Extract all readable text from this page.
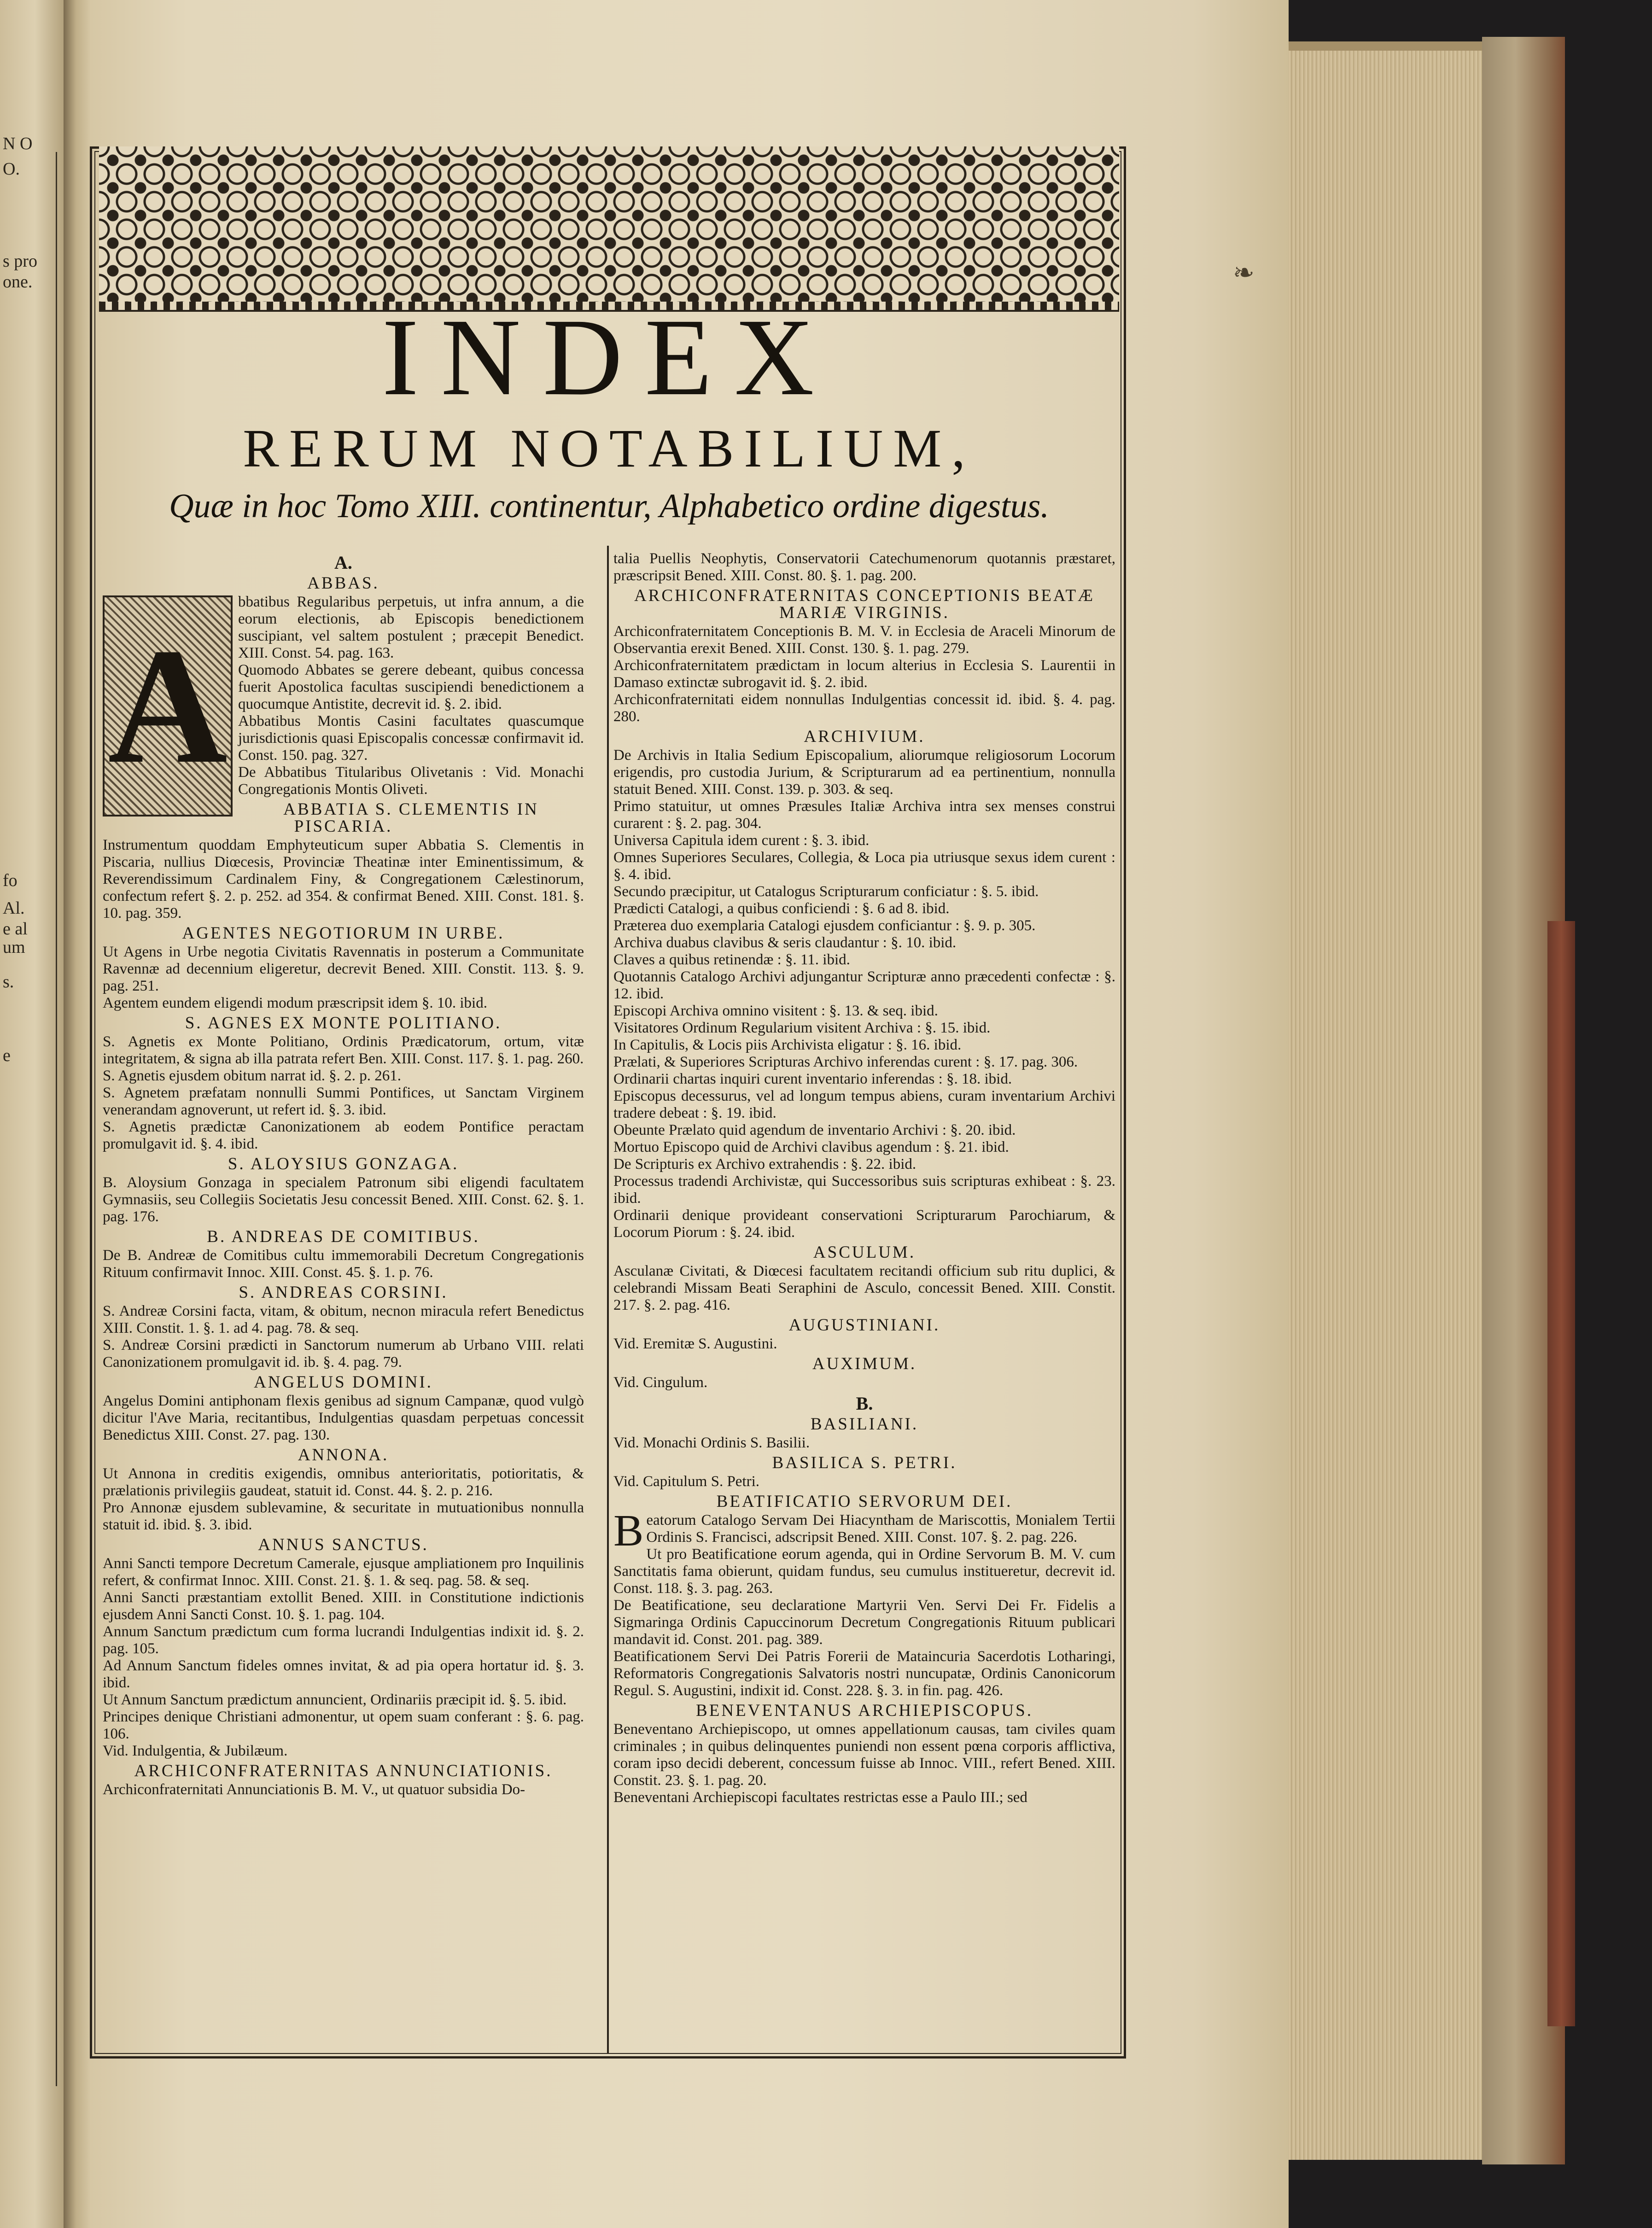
N O
O.
s pro
one.
fo
Al.
e al
um
s.
e
❧
INDEX
RERUM NOTABILIUM,
Quæ in hoc Tomo XIII. continentur, Alphabetico ordine digestus.
A.
ABBAS.
A

bbatibus Regularibus perpetuis, ut infra annum, a die eorum electionis, ab Episcopis benedictionem suscipiant, vel saltem postulent ; præcepit Benedict. XIII. Const. 54. pag. 163.

Quomodo Abbates se gerere debeant, quibus concessa fuerit Apostolica facultas suscipiendi benedictionem a quocumque Antistite, decrevit id. §. 2. ibid.

Abbatibus Montis Casini facultates quascumque jurisdictionis quasi Episcopalis concessæ confirmavit id. Const. 150. pag. 327.

De Abbatibus Titularibus Olivetanis : Vid. Monachi Congregationis Montis Oliveti.

ABBATIA S. CLEMENTIS IN PISCARIA.

Instrumentum quoddam Emphyteuticum super Abbatia S. Clementis in Piscaria, nullius Diœcesis, Provinciæ Theatinæ inter Eminentissimum, & Reverendissimum Cardinalem Finy, & Congregationem Cælestinorum, confectum refert §. 2. p. 252. ad 354. & confirmat Bened. XIII. Const. 181. §. 10. pag. 359.

AGENTES NEGOTIORUM IN URBE.

Ut Agens in Urbe negotia Civitatis Ravennatis in posterum a Communitate Ravennæ ad decennium eligeretur, decrevit Bened. XIII. Constit. 113. §. 9. pag. 251.

Agentem eundem eligendi modum præscripsit idem §. 10. ibid.

S. AGNES EX MONTE POLITIANO.

S. Agnetis ex Monte Politiano, Ordinis Prædicatorum, ortum, vitæ integritatem, & signa ab illa patrata refert Ben. XIII. Const. 117. §. 1. pag. 260.

S. Agnetis ejusdem obitum narrat id. §. 2. p. 261.

S. Agnetem præfatam nonnulli Summi Pontifices, ut Sanctam Virginem venerandam agnoverunt, ut refert id. §. 3. ibid.

S. Agnetis prædictæ Canonizationem ab eodem Pontifice peractam promulgavit id. §. 4. ibid.

S. ALOYSIUS GONZAGA.

B. Aloysium Gonzaga in specialem Patronum sibi eligendi facultatem Gymnasiis, seu Collegiis Societatis Jesu concessit Bened. XIII. Const. 62. §. 1. pag. 176.

B. ANDREAS DE COMITIBUS.

De B. Andreæ de Comitibus cultu immemorabili Decretum Congregationis Rituum confirmavit Innoc. XIII. Const. 45. §. 1. p. 76.

S. ANDREAS CORSINI.

S. Andreæ Corsini facta, vitam, & obitum, necnon miracula refert Benedictus XIII. Constit. 1. §. 1. ad 4. pag. 78. & seq.

S. Andreæ Corsini prædicti in Sanctorum numerum ab Urbano VIII. relati Canonizationem promulgavit id. ib. §. 4. pag. 79.

ANGELUS DOMINI.

Angelus Domini antiphonam flexis genibus ad signum Campanæ, quod vulgò dicitur l'Ave Maria, recitantibus, Indulgentias quasdam perpetuas concessit Benedictus XIII. Const. 27. pag. 130.

ANNONA.

Ut Annona in creditis exigendis, omnibus anterioritatis, potioritatis, & prælationis privilegiis gaudeat, statuit id. Const. 44. §. 2. p. 216.

Pro Annonæ ejusdem sublevamine, & securitate in mutuationibus nonnulla statuit id. ibid. §. 3. ibid.

ANNUS SANCTUS.

Anni Sancti tempore Decretum Camerale, ejusque ampliationem pro Inquilinis refert, & confirmat Innoc. XIII. Const. 21. §. 1. & seq. pag. 58. & seq.

Anni Sancti præstantiam extollit Bened. XIII. in Constitutione indictionis ejusdem Anni Sancti Const. 10. §. 1. pag. 104.

Annum Sanctum prædictum cum forma lucrandi Indulgentias indixit id. §. 2. pag. 105.

Ad Annum Sanctum fideles omnes invitat, & ad pia opera hortatur id. §. 3. ibid.

Ut Annum Sanctum prædictum annuncient, Ordinariis præcipit id. §. 5. ibid.

Principes denique Christiani admonentur, ut opem suam conferant : §. 6. pag. 106.

Vid. Indulgentia, & Jubilæum.

ARCHICONFRATERNITAS ANNUNCIATIONIS.

Archiconfraternitati Annunciationis B. M. V., ut quatuor subsidia Do-

talia Puellis Neophytis, Conservatorii Catechumenorum quotannis præstaret, præscripsit Bened. XIII. Const. 80. §. 1. pag. 200.

ARCHICONFRATERNITAS CONCEPTIONIS BEATÆ MARIÆ VIRGINIS.

Archiconfraternitatem Conceptionis B. M. V. in Ecclesia de Araceli Minorum de Observantia erexit Bened. XIII. Const. 130. §. 1. pag. 279.

Archiconfraternitatem prædictam in locum alterius in Ecclesia S. Laurentii in Damaso extinctæ subrogavit id. §. 2. ibid.

Archiconfraternitati eidem nonnullas Indulgentias concessit id. ibid. §. 4. pag. 280.

ARCHIVIUM.

De Archivis in Italia Sedium Episcopalium, aliorumque religiosorum Locorum erigendis, pro custodia Jurium, & Scripturarum ad ea pertinentium, nonnulla statuit Bened. XIII. Const. 139. p. 303. & seq.

Primo statuitur, ut omnes Præsules Italiæ Archiva intra sex menses construi curarent : §. 2. pag. 304.

Universa Capitula idem curent : §. 3. ibid.

Omnes Superiores Seculares, Collegia, & Loca pia utriusque sexus idem curent : §. 4. ibid.

Secundo præcipitur, ut Catalogus Scripturarum conficiatur : §. 5. ibid.

Prædicti Catalogi, a quibus conficiendi : §. 6 ad 8. ibid.

Præterea duo exemplaria Catalogi ejusdem conficiantur : §. 9. p. 305.

Archiva duabus clavibus & seris claudantur : §. 10. ibid.

Claves a quibus retinendæ : §. 11. ibid.

Quotannis Catalogo Archivi adjungantur Scripturæ anno præcedenti confectæ : §. 12. ibid.

Episcopi Archiva omnino visitent : §. 13. & seq. ibid.

Visitatores Ordinum Regularium visitent Archiva : §. 15. ibid.

In Capitulis, & Locis piis Archivista eligatur : §. 16. ibid.

Prælati, & Superiores Scripturas Archivo inferendas curent : §. 17. pag. 306.

Ordinarii chartas inquiri curent inventario inferendas : §. 18. ibid.

Episcopus decessurus, vel ad longum tempus abiens, curam inventarium Archivi tradere debeat : §. 19. ibid.

Obeunte Prælato quid agendum de inventario Archivi : §. 20. ibid.

Mortuo Episcopo quid de Archivi clavibus agendum : §. 21. ibid.

De Scripturis ex Archivo extrahendis : §. 22. ibid.

Processus tradendi Archivistæ, qui Successoribus suis scripturas exhibeat : §. 23. ibid.

Ordinarii denique provideant conservationi Scripturarum Parochiarum, & Locorum Piorum : §. 24. ibid.

ASCULUM.

Asculanæ Civitati, & Diœcesi facultatem recitandi officium sub ritu duplici, & celebrandi Missam Beati Seraphini de Asculo, concessit Bened. XIII. Constit. 217. §. 2. pag. 416.

AUGUSTINIANI.

Vid. Eremitæ S. Augustini.

AUXIMUM.

Vid. Cingulum.

B.
BASILIANI.

Vid. Monachi Ordinis S. Basilii.

BASILICA S. PETRI.

Vid. Capitulum S. Petri.

BEATIFICATIO SERVORUM DEI.

Beatorum Catalogo Servam Dei Hiacyntham de Mariscottis, Monialem Tertii Ordinis S. Francisci, adscripsit Bened. XIII. Const. 107. §. 2. pag. 226.

Ut pro Beatificatione eorum agenda, qui in Ordine Servorum B. M. V. cum Sanctitatis fama obierunt, quidam fundus, seu cumulus institueretur, decrevit id. Const. 118. §. 3. pag. 263.

De Beatificatione, seu declaratione Martyrii Ven. Servi Dei Fr. Fidelis a Sigmaringa Ordinis Capuccinorum Decretum Congregationis Rituum publicari mandavit id. Const. 201. pag. 389.

Beatificationem Servi Dei Patris Forerii de Mataincuria Sacerdotis Lotharingi, Reformatoris Congregationis Salvatoris nostri nuncupatæ, Ordinis Canonicorum Regul. S. Augustini, indixit id. Const. 228. §. 3. in fin. pag. 426.

BENEVENTANUS ARCHIEPISCOPUS.

Beneventano Archiepiscopo, ut omnes appellationum causas, tam civiles quam criminales ; in quibus delinquentes puniendi non essent pœna corporis afflictiva, coram ipso decidi deberent, concessum fuisse ab Innoc. VIII., refert Bened. XIII. Constit. 23. §. 1. pag. 20.

Beneventani Archiepiscopi facultates restrictas esse a Paulo III.; sed
